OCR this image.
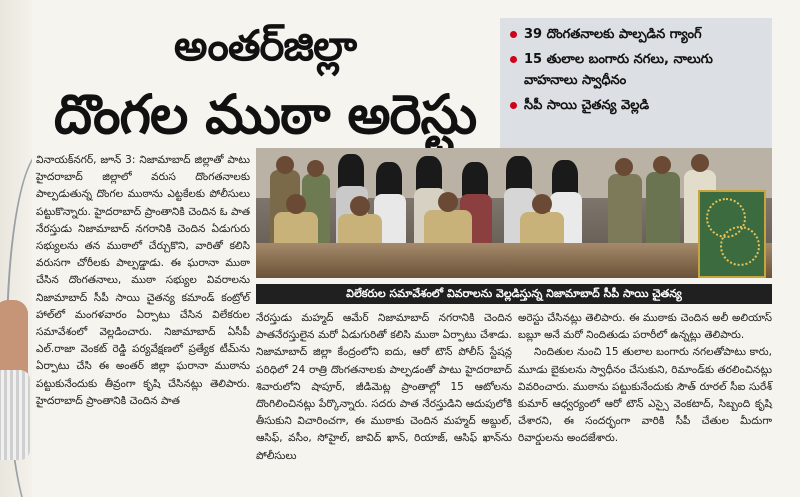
అంతర్‌జిల్లా
దొంగల ముఠా అరెస్టు
39 దొంగతనాలకు పాల్పడిన గ్యాంగ్
15 తులాల బంగారు నగలు, నాలుగు వాహనాలు స్వాధీనం
సీపీ సాయి చైతన్య వెల్లడి
విలేకరుల సమావేశంలో వివరాలను వెల్లడిస్తున్న నిజామాబాద్ సీపీ సాయి చైతన్య

వినాయక్‌నగర్, జూన్ 3: నిజామాబాద్ జిల్లాతో పాటు హైదరాబాద్ జిల్లాలో వరుస దొంగతనాలకు పాల్పడుతున్న దొంగల ముఠాను ఎట్టకేలకు పోలీసులు పట్టుకొన్నారు. హైదరాబాద్ ప్రాంతానికి చెందిన ఓ పాత నేరస్తుడు నిజామాబాద్ నగరానికి చెందిన ఏడుగురు సభ్యులను తన ముఠాలో చేర్చుకొని, వారితో కలిసి వరుసగా చోరీలకు పాల్పడ్డాడు. ఈ ఘరానా ముఠా చేసిన దొంగతనాలు, ముఠా సభ్యుల వివరాలను నిజామాబాద్ సీపీ సాయి చైతన్య కమాండ్ కంట్రోల్ హాల్‌లో మంగళవారం ఏర్పాటు చేసిన విలేకరుల సమావేశంలో వెల్లడించారు. నిజామాబాద్ ఏసీపీ ఎల్.రాజా వెంకట్ రెడ్డి పర్యవేక్షణలో ప్రత్యేక టీమ్‌ను ఏర్పాటు చేసి ఈ అంతర్ జిల్లా ఘరానా ముఠాను పట్టుకునేందుకు తీవ్రంగా కృషి చేసినట్లు తెలిపారు. హైదరాబాద్ ప్రాంతానికి చెందిన పాత

నేరస్తుడు మహ్మద్ ఆమేర్ నిజామాబాద్ నగరానికి చెందిన పాతనేరస్తులైన మరో ఏడుగురితో కలిసి ముఠా ఏర్పాటు చేశాడు. నిజామాబాద్ జిల్లా కేంద్రంలోని ఐదు, ఆరో టౌన్ పోలీస్ స్టేషన్ల పరిధిలో 24 రాత్రి దొంగతనాలకు పాల్పడంతో పాటు హైదరాబాద్ శివారులోని షాపూర్, జీడిమెట్ల ప్రాంతాల్లో 15 ఆటోలను దొంగిలించినట్లు పేర్కొన్నారు. సదరు పాత నేరస్తుడిని ఆదుపులోకి తీసుకుని విచారించగా, ఈ ముఠాకు చెందిన మహ్మద్ అబ్దుల్, ఆసిఫ్, వసీం, సోహైల్, జావిద్ ఖాన్, రియాజ్, ఆసిఫ్ ఖాన్‌ను పోలీసులు

అరెస్టు చేసినట్లు తెలిపారు. ఈ ముఠాకు చెందిన అలీ అలియాస్ బబ్లూ అనే మరో నిందితుడు పరారీలో ఉన్నట్లు తెలిపారు.

నిందితుల నుంచి 15 తులాల బంగారు నగలతోపాటు కారు, మూడు బైకులను స్వాధీనం చేసుకుని, రిమాండ్‌కు తరలించినట్లు వివరించారు. ముఠాను పట్టుకునేందుకు సౌత్ రూరల్ సీఐ సురేశ్ కుమార్ ఆధ్వర్యంలో ఆరో టౌన్ ఎస్సై వెంకటాద్, సిబ్బంది కృషి చేశారని, ఈ సందర్భంగా వారికి సీపీ చేతుల మీదుగా రివార్డులను అందజేశారు.
